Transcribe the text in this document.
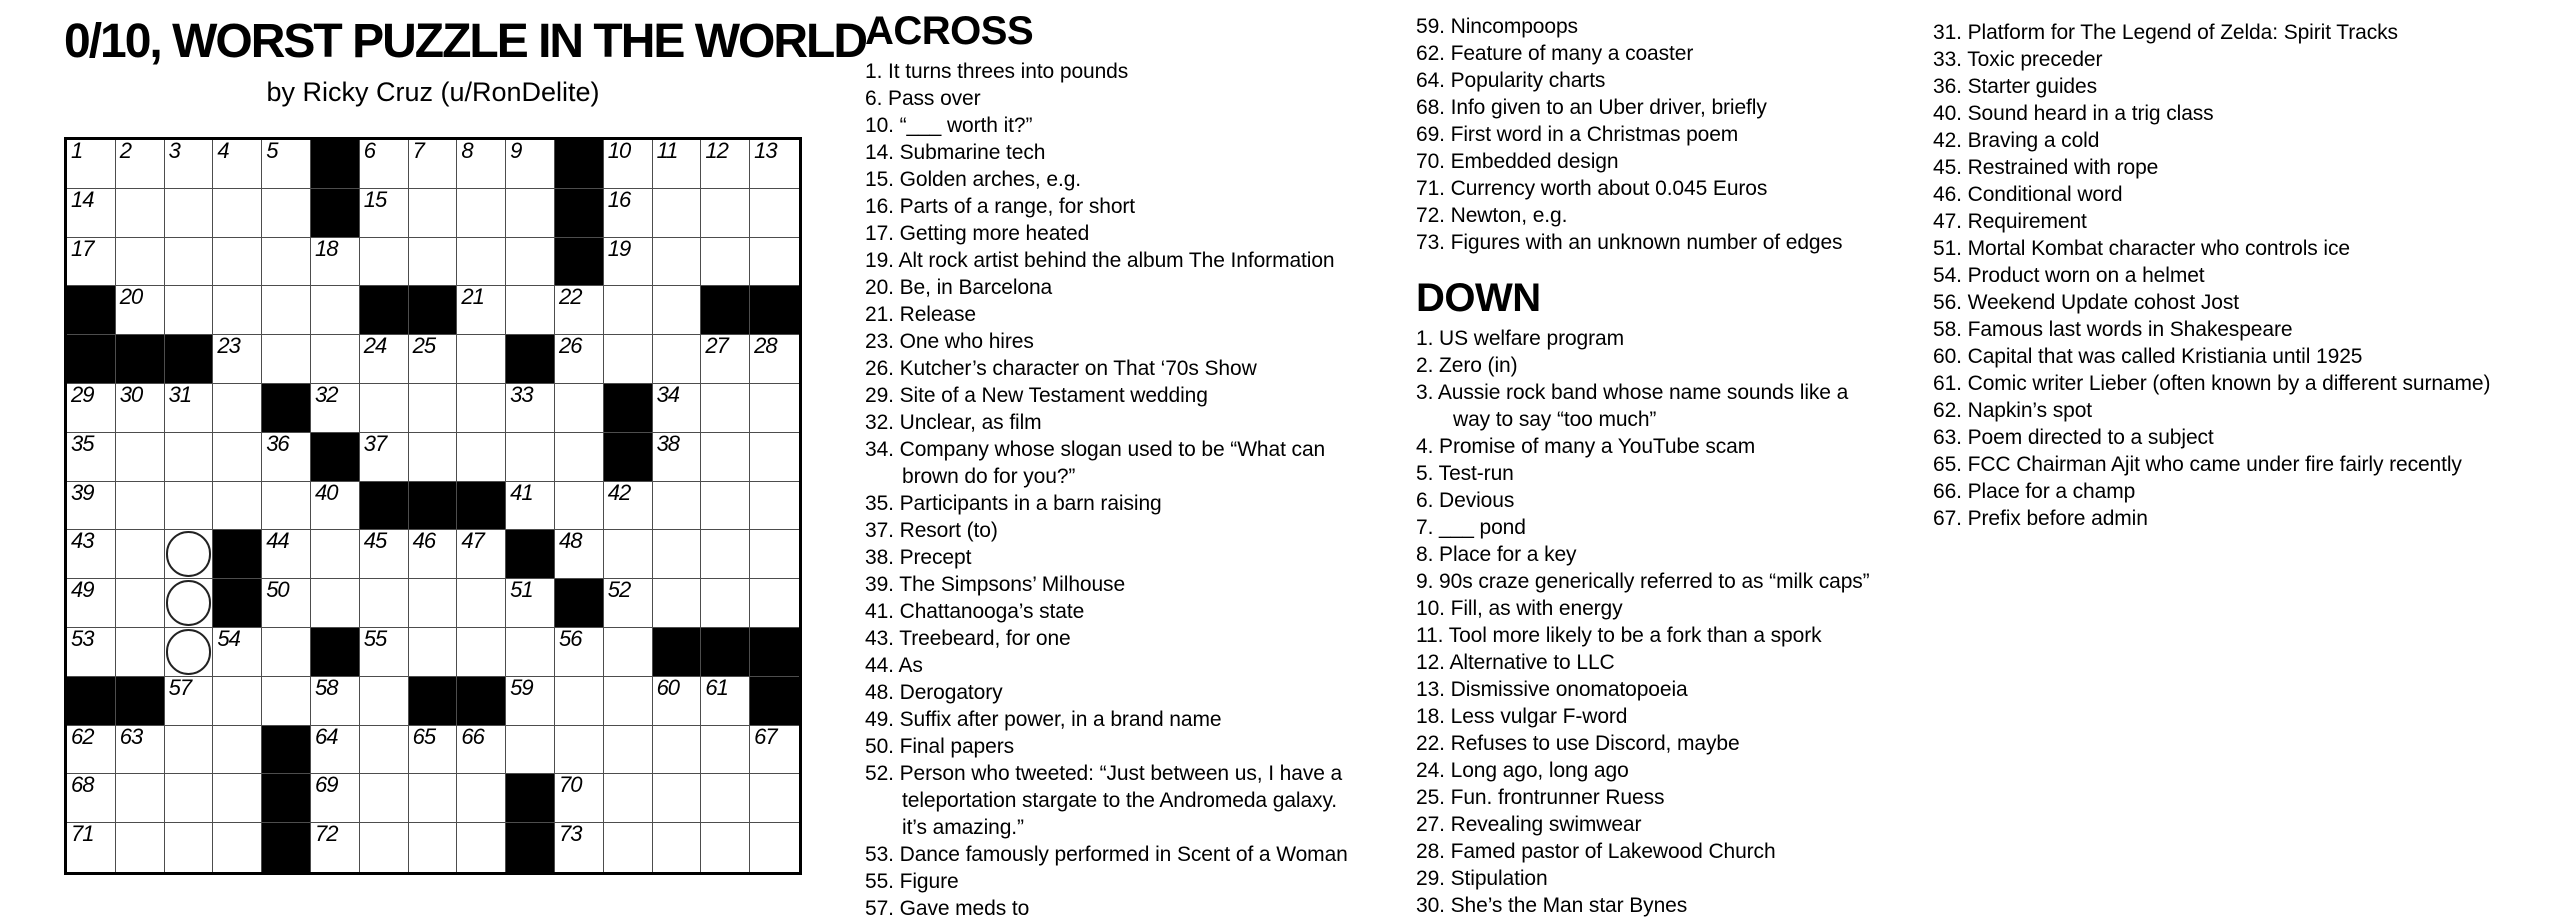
0/10, WORST PUZZLE IN THE WORLD
by Ricky Cruz (u/RonDelite)
1 2 3 4 5	6 7 8 9	10 11 12 13
14	15	16
17	18	19
20	21	22
23	24 25	26	27 28
29 30 31	32	33	34
35	36	37	38
39	40	41	42
43	44	45 46 47	48
49	50	51	52
53	54	55	56
57	58	59	60 61
62 63	64	65 66	67
68	69	70
71	72	73
ACROSS
1. It turns threes into pounds
6. Pass over
10. “___ worth it?”
14. Submarine tech
15. Golden arches, e.g.
16. Parts of a range, for short
17. Getting more heated
19. Alt rock artist behind the album The Information
20. Be, in Barcelona
21. Release
23. One who hires
26. Kutcher’s character on That ‘70s Show
29. Site of a New Testament wedding
32. Unclear, as film
34. Company whose slogan used to be “What can
brown do for you?”
35. Participants in a barn raising
37. Resort (to)
38. Precept
39. The Simpsons’ Milhouse
41. Chattanooga’s state
43. Treebeard, for one
44. As
48. Derogatory
49. Suffix after power, in a brand name
50. Final papers
52. Person who tweeted: “Just between us, I have a
teleportation stargate to the Andromeda galaxy.
it’s amazing.”
53. Dance famously performed in Scent of a Woman
55. Figure
57. Gave meds to
59. Nincompoops
62. Feature of many a coaster
64. Popularity charts
68. Info given to an Uber driver, briefly
69. First word in a Christmas poem
70. Embedded design
71. Currency worth about 0.045 Euros
72. Newton, e.g.
73. Figures with an unknown number of edges
DOWN
1. US welfare program
2. Zero (in)
3. Aussie rock band whose name sounds like a
way to say “too much”
4. Promise of many a YouTube scam
5. Test-run
6. Devious
7. ___ pond
8. Place for a key
9. 90s craze generically referred to as “milk caps”
10. Fill, as with energy
11. Tool more likely to be a fork than a spork
12. Alternative to LLC
13. Dismissive onomatopoeia
18. Less vulgar F-word
22. Refuses to use Discord, maybe
24. Long ago, long ago
25. Fun. frontrunner Ruess
27. Revealing swimwear
28. Famed pastor of Lakewood Church
29. Stipulation
30. She’s the Man star Bynes
31. Platform for The Legend of Zelda: Spirit Tracks
33. Toxic preceder
36. Starter guides
40. Sound heard in a trig class
42. Braving a cold
45. Restrained with rope
46. Conditional word
47. Requirement
51. Mortal Kombat character who controls ice
54. Product worn on a helmet
56. Weekend Update cohost Jost
58. Famous last words in Shakespeare
60. Capital that was called Kristiania until 1925
61. Comic writer Lieber (often known by a different surname)
62. Napkin’s spot
63. Poem directed to a subject
65. FCC Chairman Ajit who came under fire fairly recently
66. Place for a champ
67. Prefix before admin
